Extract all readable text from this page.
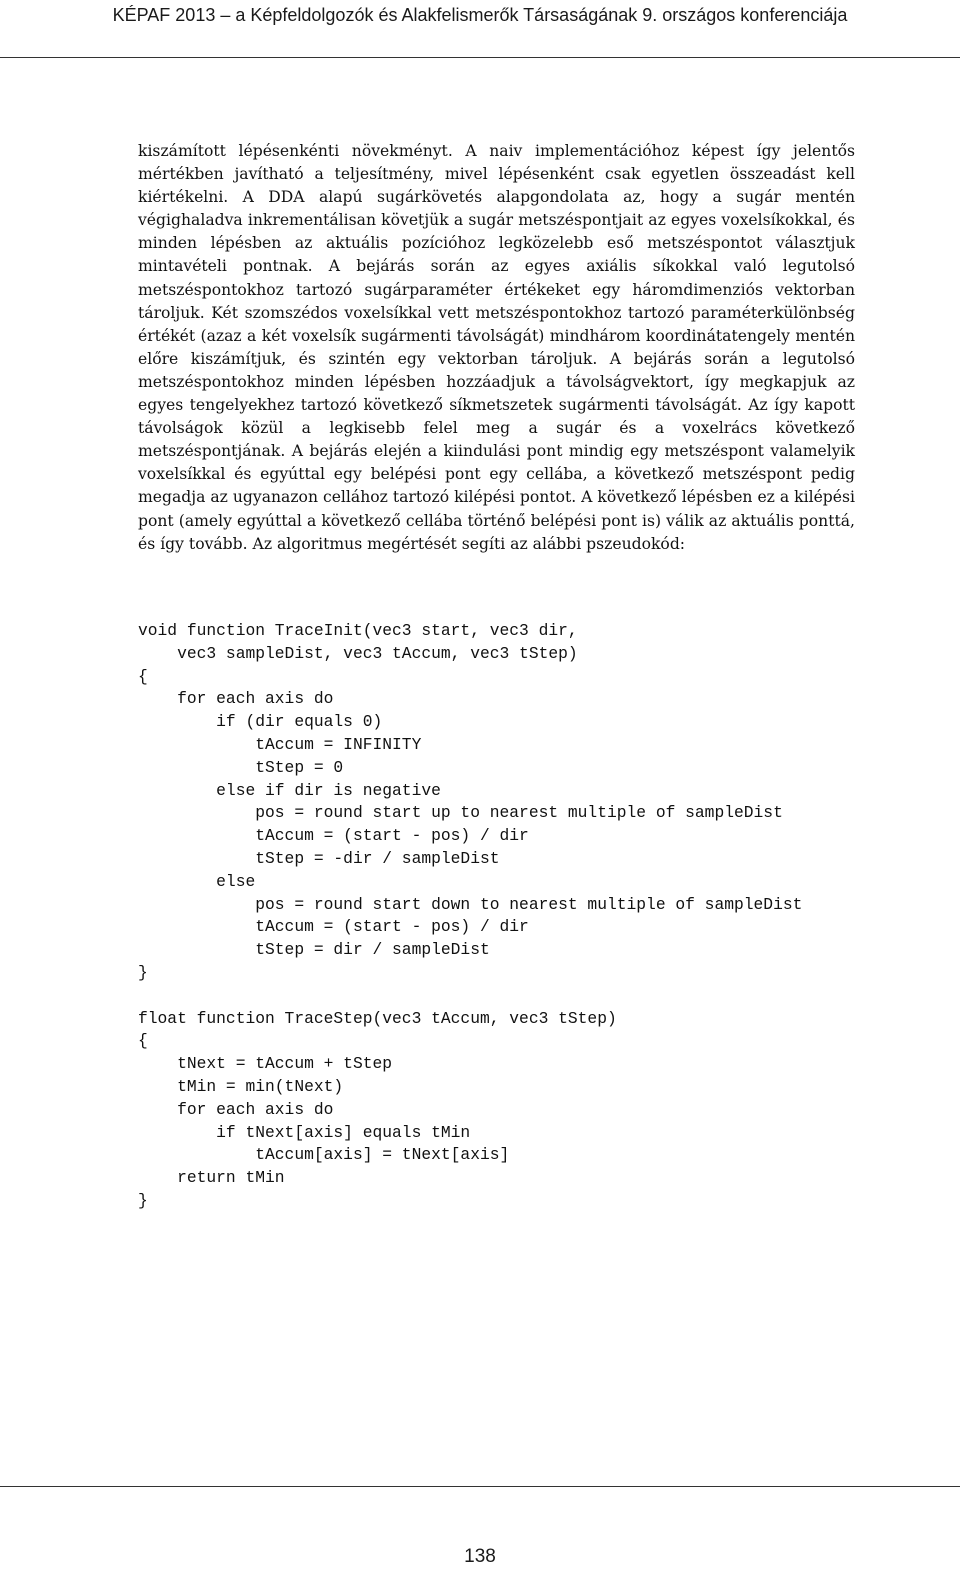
KÉPAF 2013 – a Képfeldolgozók és Alakfelismerők Társaságának 9. országos konferenciája

kiszámított lépésenkénti növekményt. A naiv implementációhoz képest így jelentős mértékben javítható a teljesítmény, mivel lépésenként csak egyetlen összeadást kell kiértékelni. A DDA alapú sugárkövetés alapgondolata az, hogy a sugár mentén végighaladva inkrementálisan követjük a sugár metszéspontjait az egyes voxelsíkokkal, és minden lépésben az aktuális pozícióhoz legközelebb eső metszéspontot választjuk mintavételi pontnak. A bejárás során az egyes axiális síkokkal való legutolsó metszéspontokhoz tartozó sugárparaméter értékeket egy háromdimenziós vektorban tároljuk. Két szomszédos voxelsíkkal vett metszéspontokhoz tartozó paraméterkülönbség értékét (azaz a két voxelsík sugármenti távolságát) mindhárom koordinátatengely mentén előre kiszámítjuk, és szintén egy vektorban tároljuk. A bejárás során a legutolsó metszéspontokhoz minden lépésben hozzáadjuk a távolságvektort, így megkapjuk az egyes tengelyekhez tartozó következő síkmetszetek sugármenti távolságát. Az így kapott távolságok közül a legkisebb felel meg a sugár és a voxelrács következő metszéspontjának. A bejárás elején a kiindulási pont mindig egy metszéspont valamelyik voxelsíkkal és egyúttal egy belépési pont egy cellába, a következő metszéspont pedig megadja az ugyanazon cellához tartozó kilépési pontot. A következő lépésben ez a kilépési pont (amely egyúttal a következő cellába történő belépési pont is) válik az aktuális ponttá, és így tovább. Az algoritmus megértését segíti az alábbi pszeudokód:

void function TraceInit(vec3 start, vec3 dir,
vec3 sampleDist, vec3 tAccum, vec3 tStep)
{
for each axis do
if (dir equals 0)
tAccum = INFINITY
tStep = 0
else if dir is negative
pos = round start up to nearest multiple of sampleDist
tAccum = (start - pos) / dir
tStep = -dir / sampleDist
else
pos = round start down to nearest multiple of sampleDist
tAccum = (start - pos) / dir
tStep = dir / sampleDist
}

float function TraceStep(vec3 tAccum, vec3 tStep)
{
tNext = tAccum + tStep
tMin = min(tNext)
for each axis do
if tNext[axis] equals tMin
tAccum[axis] = tNext[axis]
return tMin
}
138
